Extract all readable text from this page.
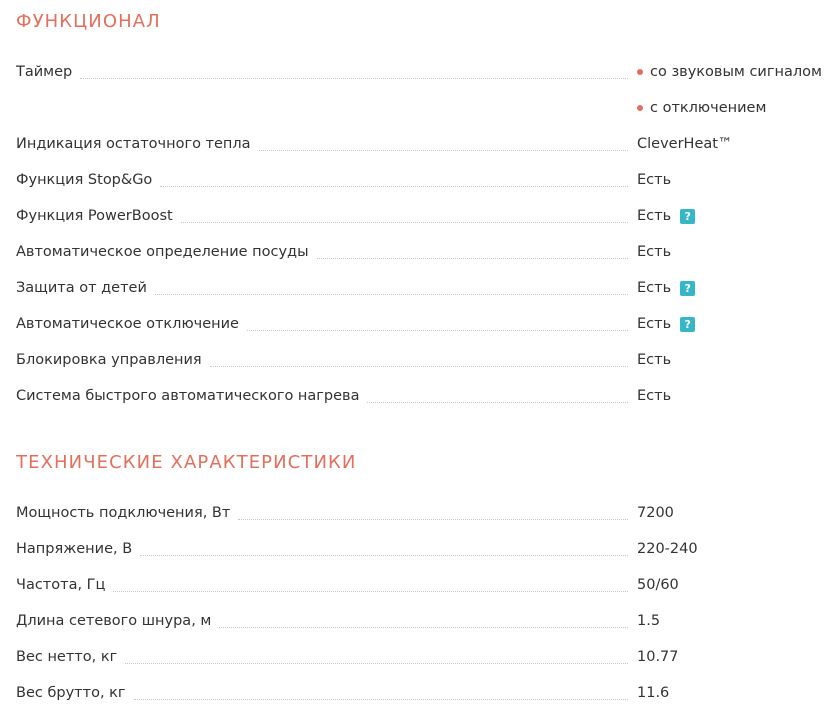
ФУНКЦИОНАЛ
Таймер	со звуковым сигналом
с отключением
Индикация остаточного тепла	CleverHeat™
Функция Stop&Go	Есть
Функция PowerBoost	Есть	?
Автоматическое определение посуды	Есть
Защита от детей	Есть	?
Автоматическое отключение	Есть	?
Блокировка управления	Есть
Система быстрого автоматического нагрева	Есть
ТЕХНИЧЕСКИЕ ХАРАКТЕРИСТИКИ
Мощность подключения, Вт	7200
Напряжение, В	220-240
Частота, Гц	50/60
Длина сетевого шнура, м	1.5
Вес нетто, кг	10.77
Вес брутто, кг	11.6
